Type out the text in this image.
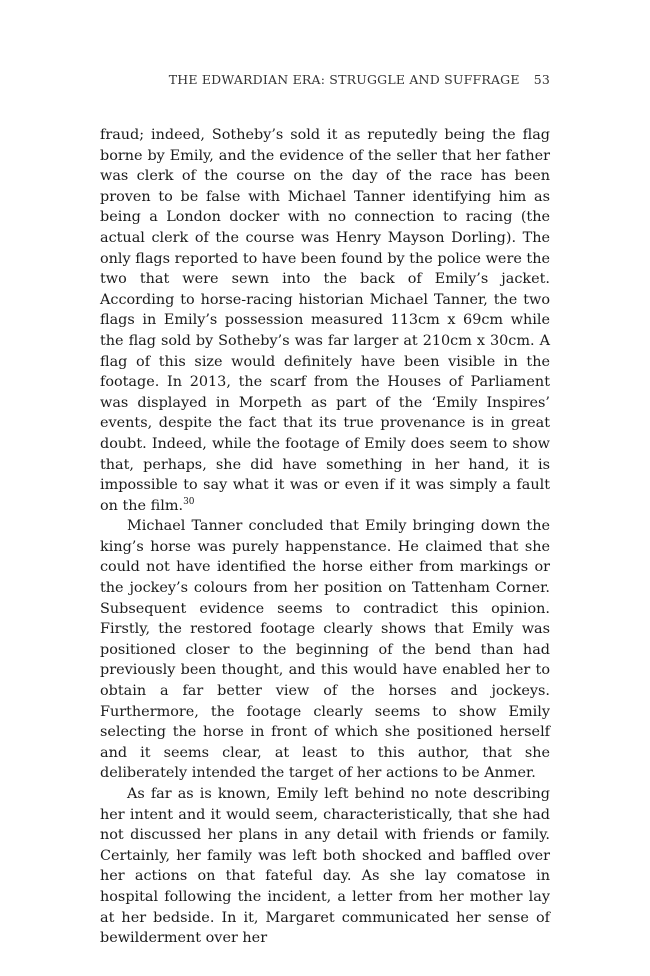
THE EDWARDIAN ERA: STRUGGLE AND SUFFRAGE 53

fraud; indeed, Sotheby’s sold it as reputedly being the flag borne by Emily, and the evidence of the seller that her father was clerk of the course on the day of the race has been proven to be false with Michael Tanner identifying him as being a London docker with no connection to racing (the actual clerk of the course was Henry Mayson Dorling). The only flags reported to have been found by the police were the two that were sewn into the back of Emily’s jacket. According to horse-racing historian Michael Tanner, the two flags in Emily’s possession measured 113cm x 69cm while the flag sold by Sotheby’s was far larger at 210cm x 30cm. A flag of this size would definitely have been visible in the footage. In 2013, the scarf from the Houses of Parliament was displayed in Morpeth as part of the ‘Emily Inspires’ events, despite the fact that its true provenance is in great doubt. Indeed, while the footage of Emily does seem to show that, perhaps, she did have something in her hand, it is impossible to say what it was or even if it was simply a fault on the film.$^{30}$

Michael Tanner concluded that Emily bringing down the king’s horse was purely happenstance. He claimed that she could not have identified the horse either from markings or the jockey’s colours from her position on Tattenham Corner. Subsequent evidence seems to contradict this opinion. Firstly, the restored footage clearly shows that Emily was positioned closer to the beginning of the bend than had previously been thought, and this would have enabled her to obtain a far better view of the horses and jockeys. Furthermore, the footage clearly seems to show Emily selecting the horse in front of which she positioned herself and it seems clear, at least to this author, that she deliberately intended the target of her actions to be Anmer.

As far as is known, Emily left behind no note describing her intent and it would seem, characteristically, that she had not discussed her plans in any detail with friends or family. Certainly, her family was left both shocked and baffled over her actions on that fateful day. As she lay comatose in hospital following the incident, a letter from her mother lay at her bedside. In it, Margaret communicated her sense of bewilderment over her
